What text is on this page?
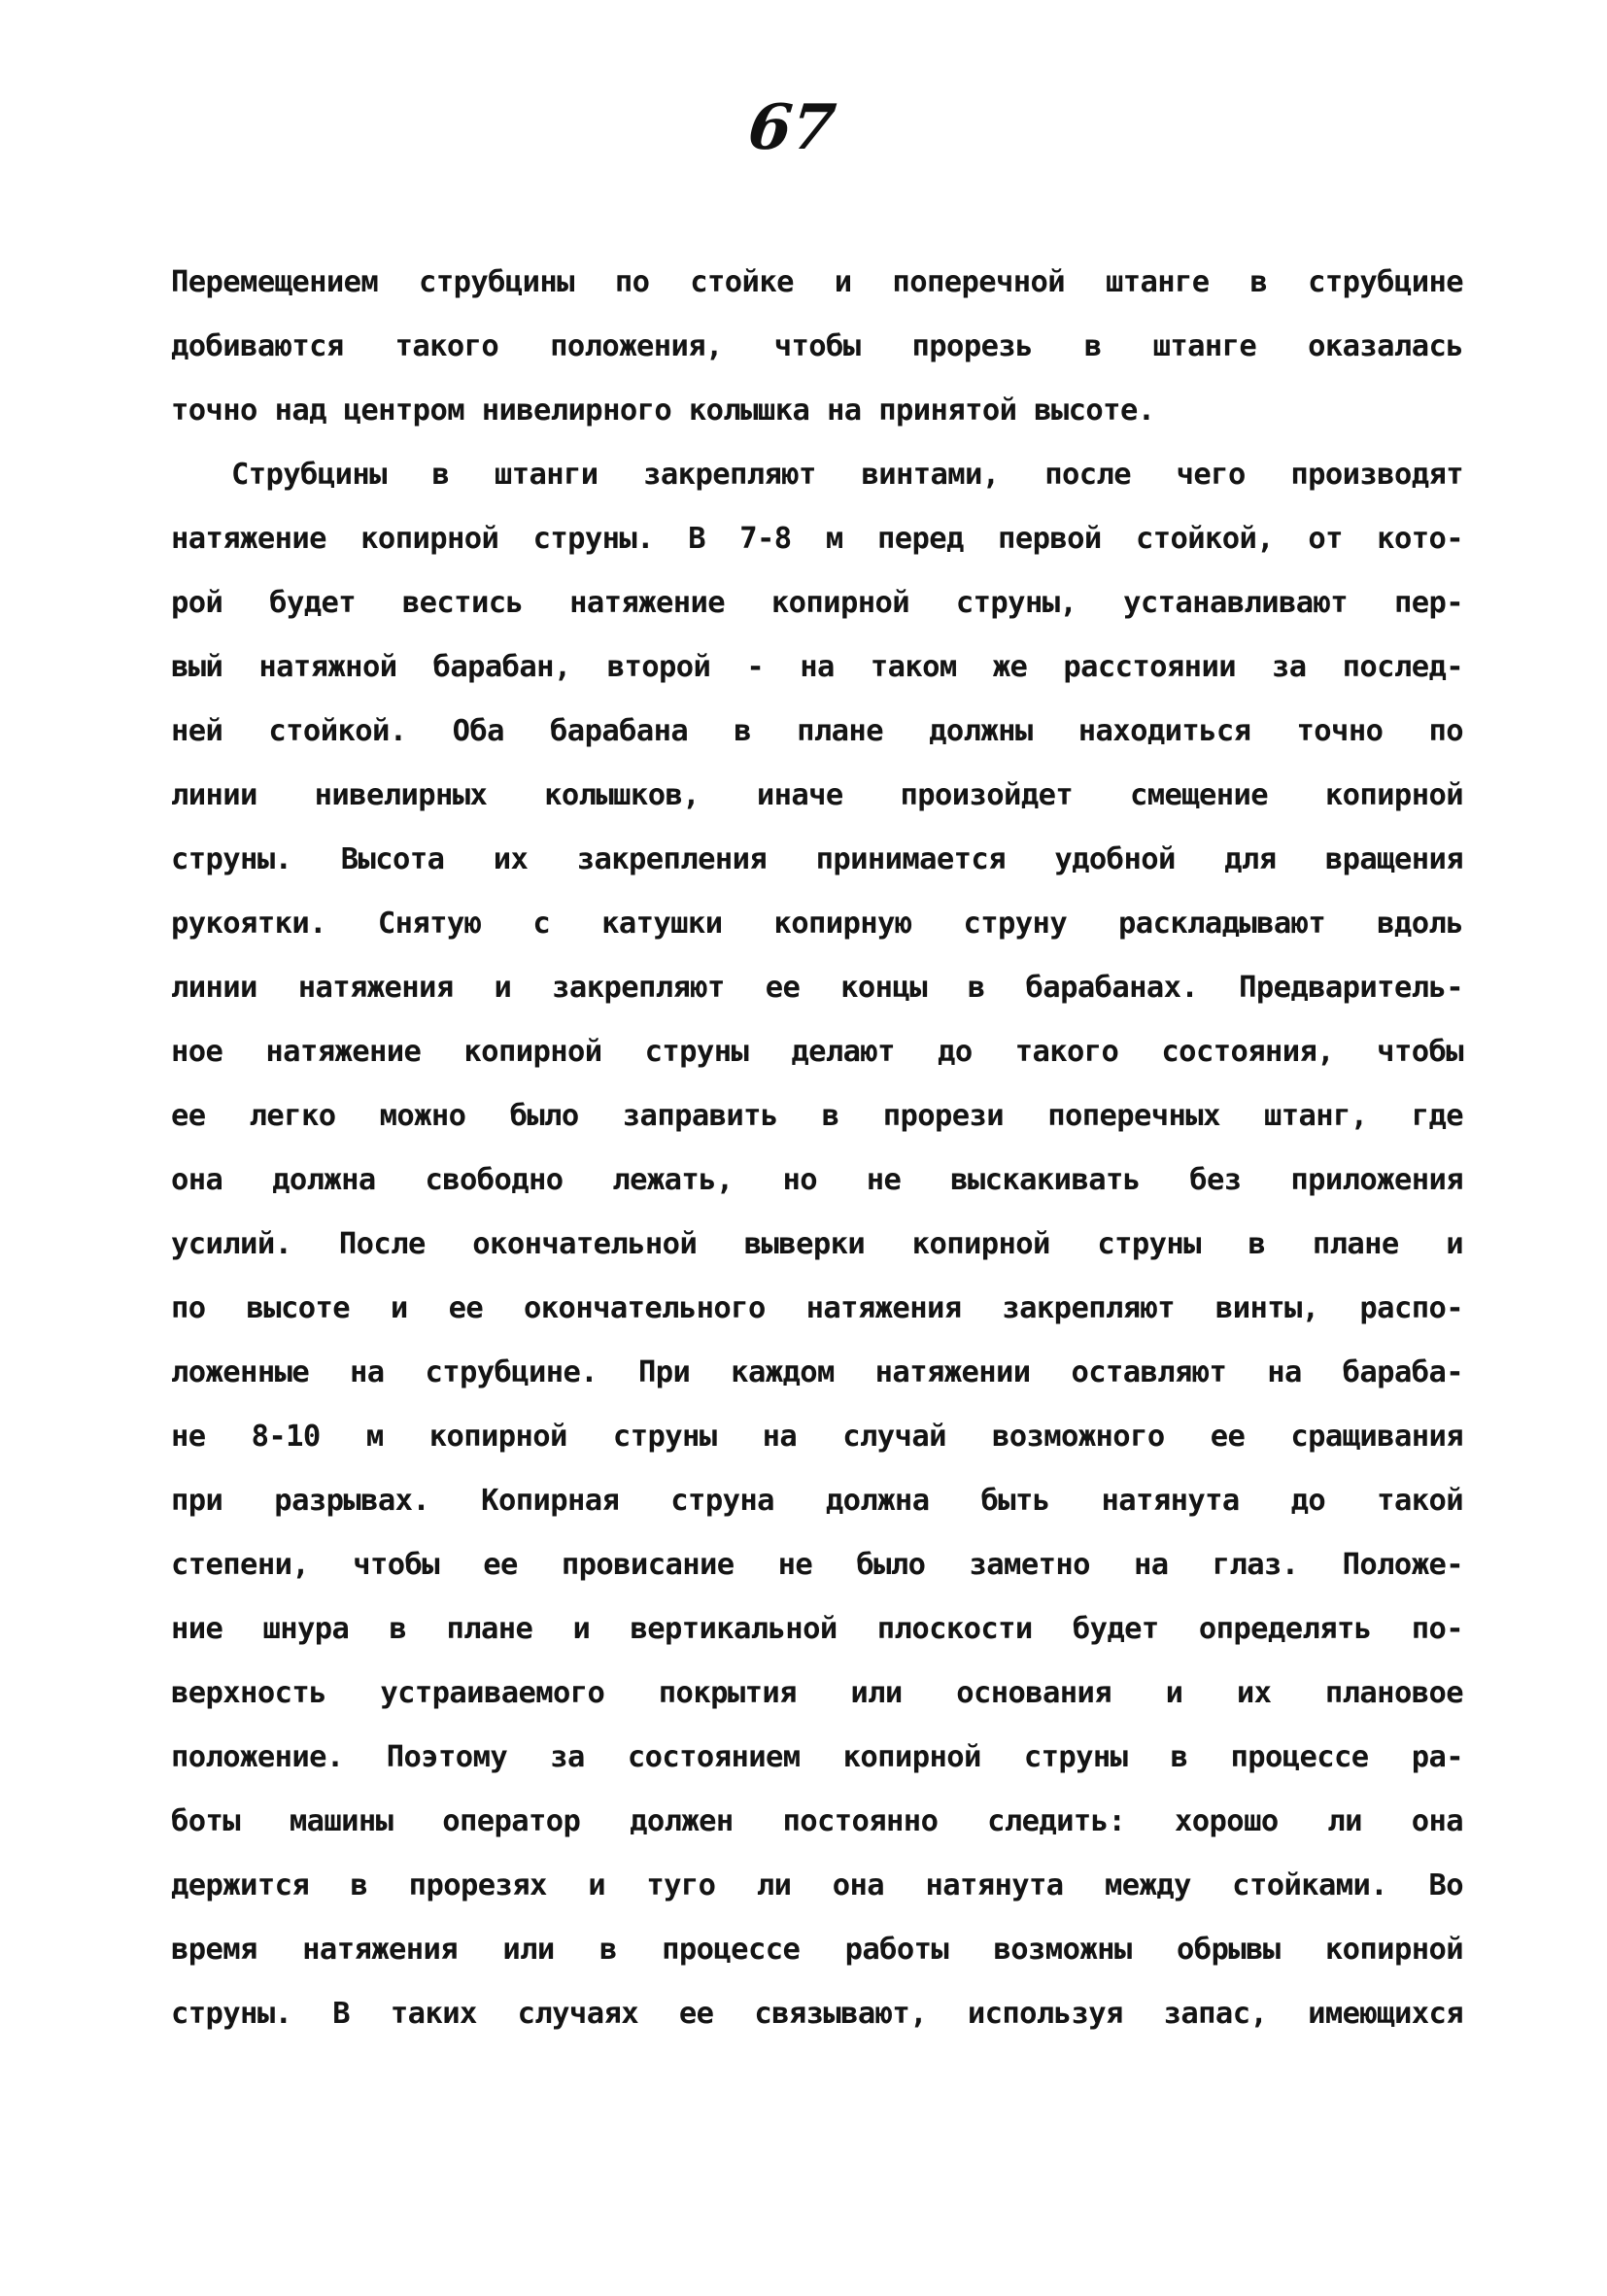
67
Перемещением струбцины по стойке и поперечной штанге в струбцине
добиваются такого положения, чтобы прорезь в штанге оказалась
точно над центром нивелирного колышка на принятой высоте.
Струбцины в штанги закрепляют винтами, после чего производят
натяжение копирной струны. В 7-8 м перед первой стойкой, от кото-
рой будет вестись натяжение копирной струны, устанавливают пер-
вый натяжной барабан, второй - на таком же расстоянии за послед-
ней стойкой. Оба барабана в плане должны находиться точно по
линии нивелирных колышков, иначе произойдет смещение копирной
струны. Высота их закрепления принимается удобной для вращения
рукоятки. Снятую с катушки копирную струну раскладывают вдоль
линии натяжения и закрепляют ее концы в барабанах. Предваритель-
ное натяжение копирной струны делают до такого состояния, чтобы
ее легко можно было заправить в прорези поперечных штанг, где
она должна свободно лежать, но не выскакивать без приложения
усилий. После окончательной выверки копирной струны в плане и
по высоте и ее окончательного натяжения закрепляют винты, распо-
ложенные на струбцине. При каждом натяжении оставляют на бараба-
не 8-10 м копирной струны на случай возможного ее сращивания
при разрывах. Копирная струна должна быть натянута до такой
степени, чтобы ее провисание не было заметно на глаз. Положе-
ние шнура в плане и вертикальной плоскости будет определять по-
верхность устраиваемого покрытия или основания и их плановое
положение. Поэтому за состоянием копирной струны в процессе ра-
боты машины оператор должен постоянно следить: хорошо ли она
держится в прорезях и туго ли она натянута между стойками. Во
время натяжения или в процессе работы возможны обрывы копирной
струны. В таких случаях ее связывают, используя запас, имеющихся
